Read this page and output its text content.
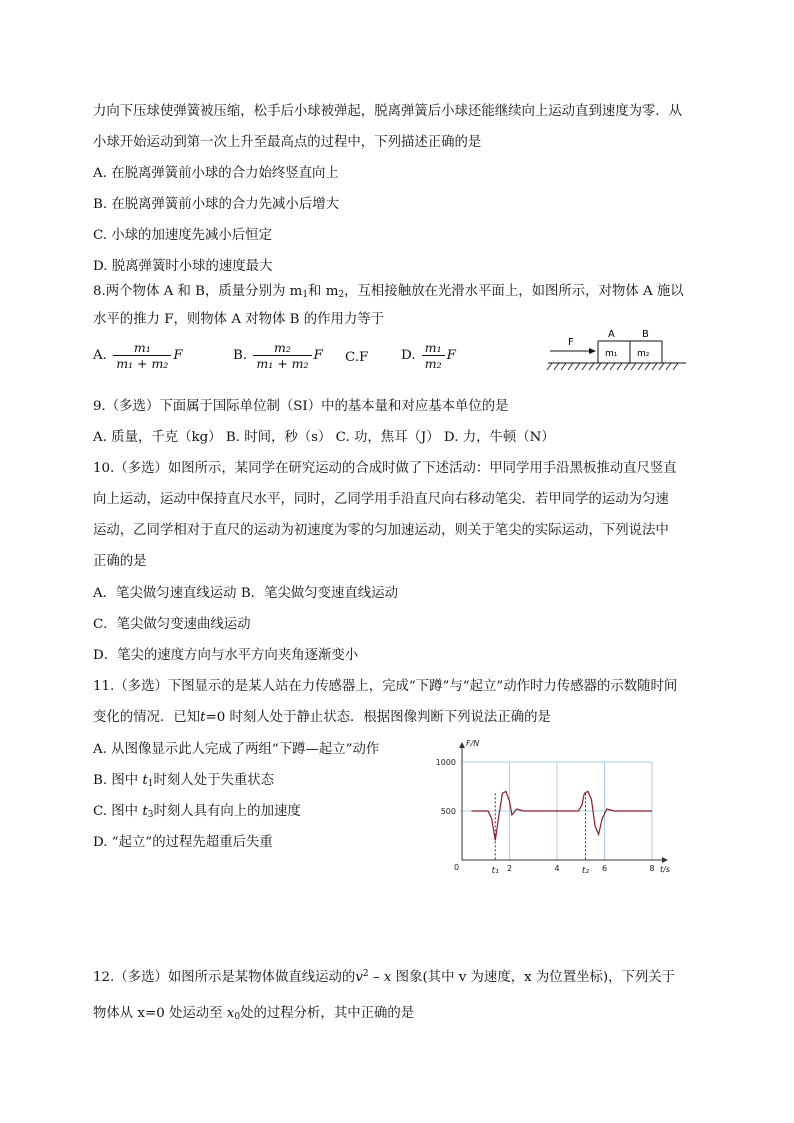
力向下压球使弹簧被压缩，松手后小球被弹起，脱离弹簧后小球还能继续向上运动直到速度为零．从
小球开始运动到第一次上升至最高点的过程中，下列描述正确的是
A. 在脱离弹簧前小球的合力始终竖直向上
B. 在脱离弹簧前小球的合力先减小后增大
C. 小球的加速度先减小后恒定
D. 脱离弹簧时小球的速度最大
8.两个物体 A 和 B，质量分别为 $m_1$和 $m_2$，互相接触放在光滑水平面上，如图所示，对物体 A 施以
水平的推力 F，则物体 A 对物体 B 的作用力等于
A. $\frac{\text{m₁}}{\text{m₁ + m₂}}$ F	B. $\frac{\text{m₂}}{\text{m₁ + m₂}}$ F C.F D. $\frac{\text{m₁}}{\text{m₂}}$ F
F
A	B
m₁ m₂
9.（多选）下面属于国际单位制（SI）中的基本量和对应基本单位的是
A. 质量，千克（kg） B. 时间，秒（s） C. 功，焦耳（J） D. 力，牛顿（N）
10.（多选）如图所示，某同学在研究运动的合成时做了下述活动：甲同学用手沿黑板推动直尺竖直
向上运动，运动中保持直尺水平，同时，乙同学用手沿直尺向右移动笔尖．若甲同学的运动为匀速
运动，乙同学相对于直尺的运动为初速度为零的匀加速运动，则关于笔尖的实际运动，下列说法中
正确的是
A．笔尖做匀速直线运动 B．笔尖做匀变速直线运动
C．笔尖做匀变速曲线运动
D．笔尖的速度方向与水平方向夹角逐渐变小
11.（多选）下图显示的是某人站在力传感器上，完成“下蹲”与“起立”动作时力传感器的示数随时间
变化的情况．已知t=0 时刻人处于静止状态．根据图像判断下列说法正确的是
A. 从图像显示此人完成了两组“下蹲—起立”动作
B. 图中 $t_1$时刻人处于失重状态
C. 图中 $t_3$时刻人具有向上的加速度
D. “起立”的过程先超重后失重
500
1000
2	4	6	8
0
F/N
t/s
t₁	t₂
12.（多选）如图所示是某物体做直线运动的$v^2$ – x 图象(其中 v 为速度，x 为位置坐标)，下列关于
物体从 x=0 处运动至 $x_0$处的过程分析，其中正确的是
